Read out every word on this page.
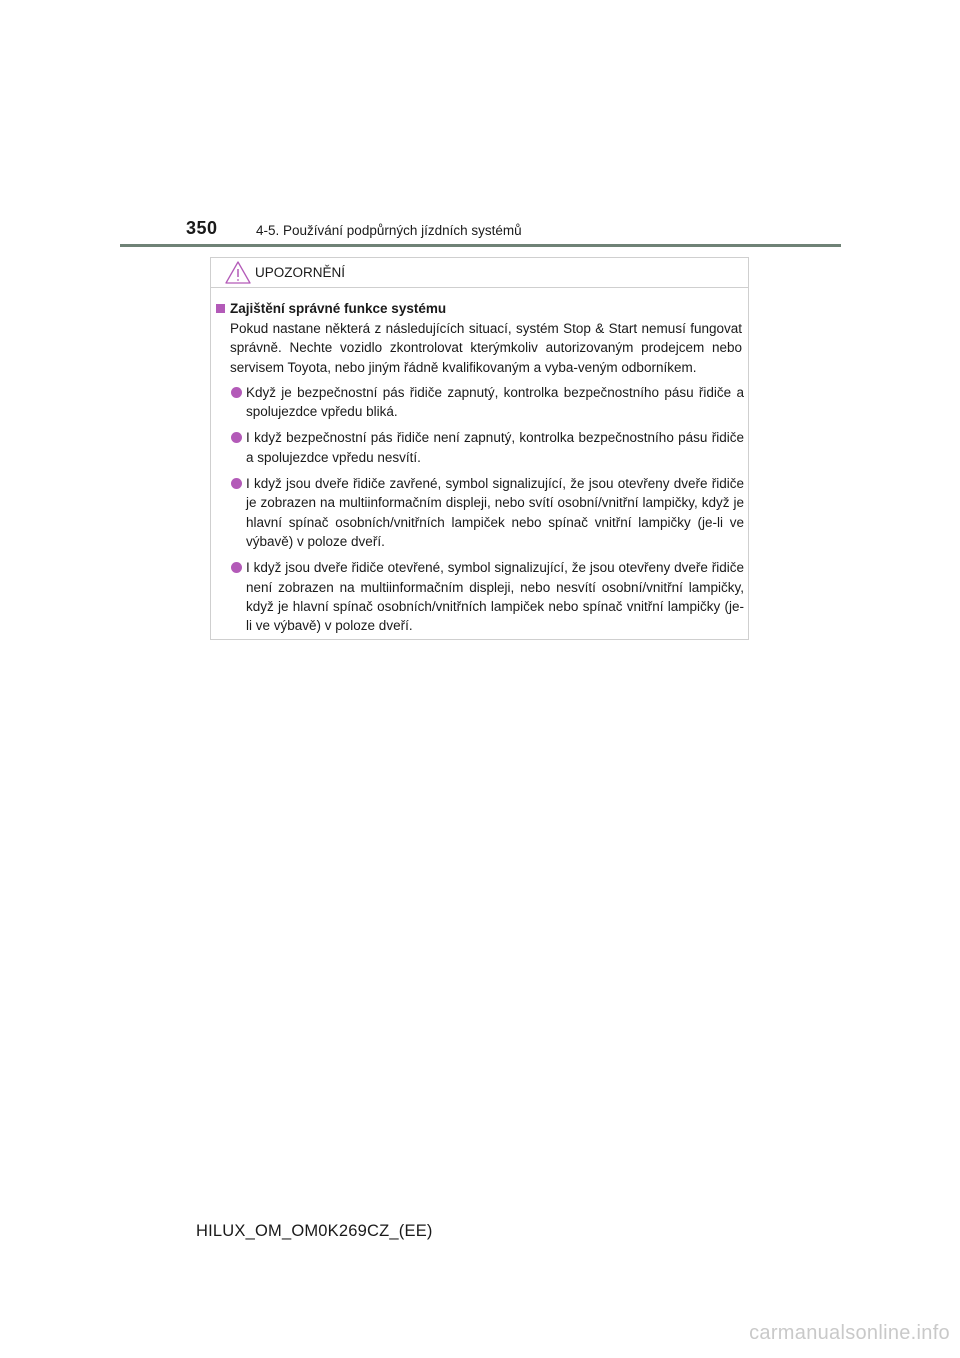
350	4-5. Používání podpůrných jízdních systémů
UPOZORNĚNÍ
Zajištění správné funkce systému

Pokud nastane některá z následujících situací, systém Stop & Start nemusí fungovat správně. Nechte vozidlo zkontrolovat kterýmkoliv autorizovaným prodejcem nebo servisem Toyota, nebo jiným řádně kvalifikovaným a vyba-veným odborníkem.

Když je bezpečnostní pás řidiče zapnutý, kontrolka bezpečnostního pásu řidiče a spolujezdce vpředu bliká.
I když bezpečnostní pás řidiče není zapnutý, kontrolka bezpečnostního pásu řidiče a spolujezdce vpředu nesvítí.
I když jsou dveře řidiče zavřené, symbol signalizující, že jsou otevřeny dveře řidiče je zobrazen na multiinformačním displeji, nebo svítí osobní/vnitřní lampičky, když je hlavní spínač osobních/vnitřních lampiček nebo spínač vnitřní lampičky (je-li ve výbavě) v poloze dveří.
I když jsou dveře řidiče otevřené, symbol signalizující, že jsou otevřeny dveře řidiče není zobrazen na multiinformačním displeji, nebo nesvítí osobní/vnitřní lampičky, když je hlavní spínač osobních/vnitřních lampiček nebo spínač vnitřní lampičky (je-li ve výbavě) v poloze dveří.
HILUX_OM_OM0K269CZ_(EE)
carmanualsonline.info
